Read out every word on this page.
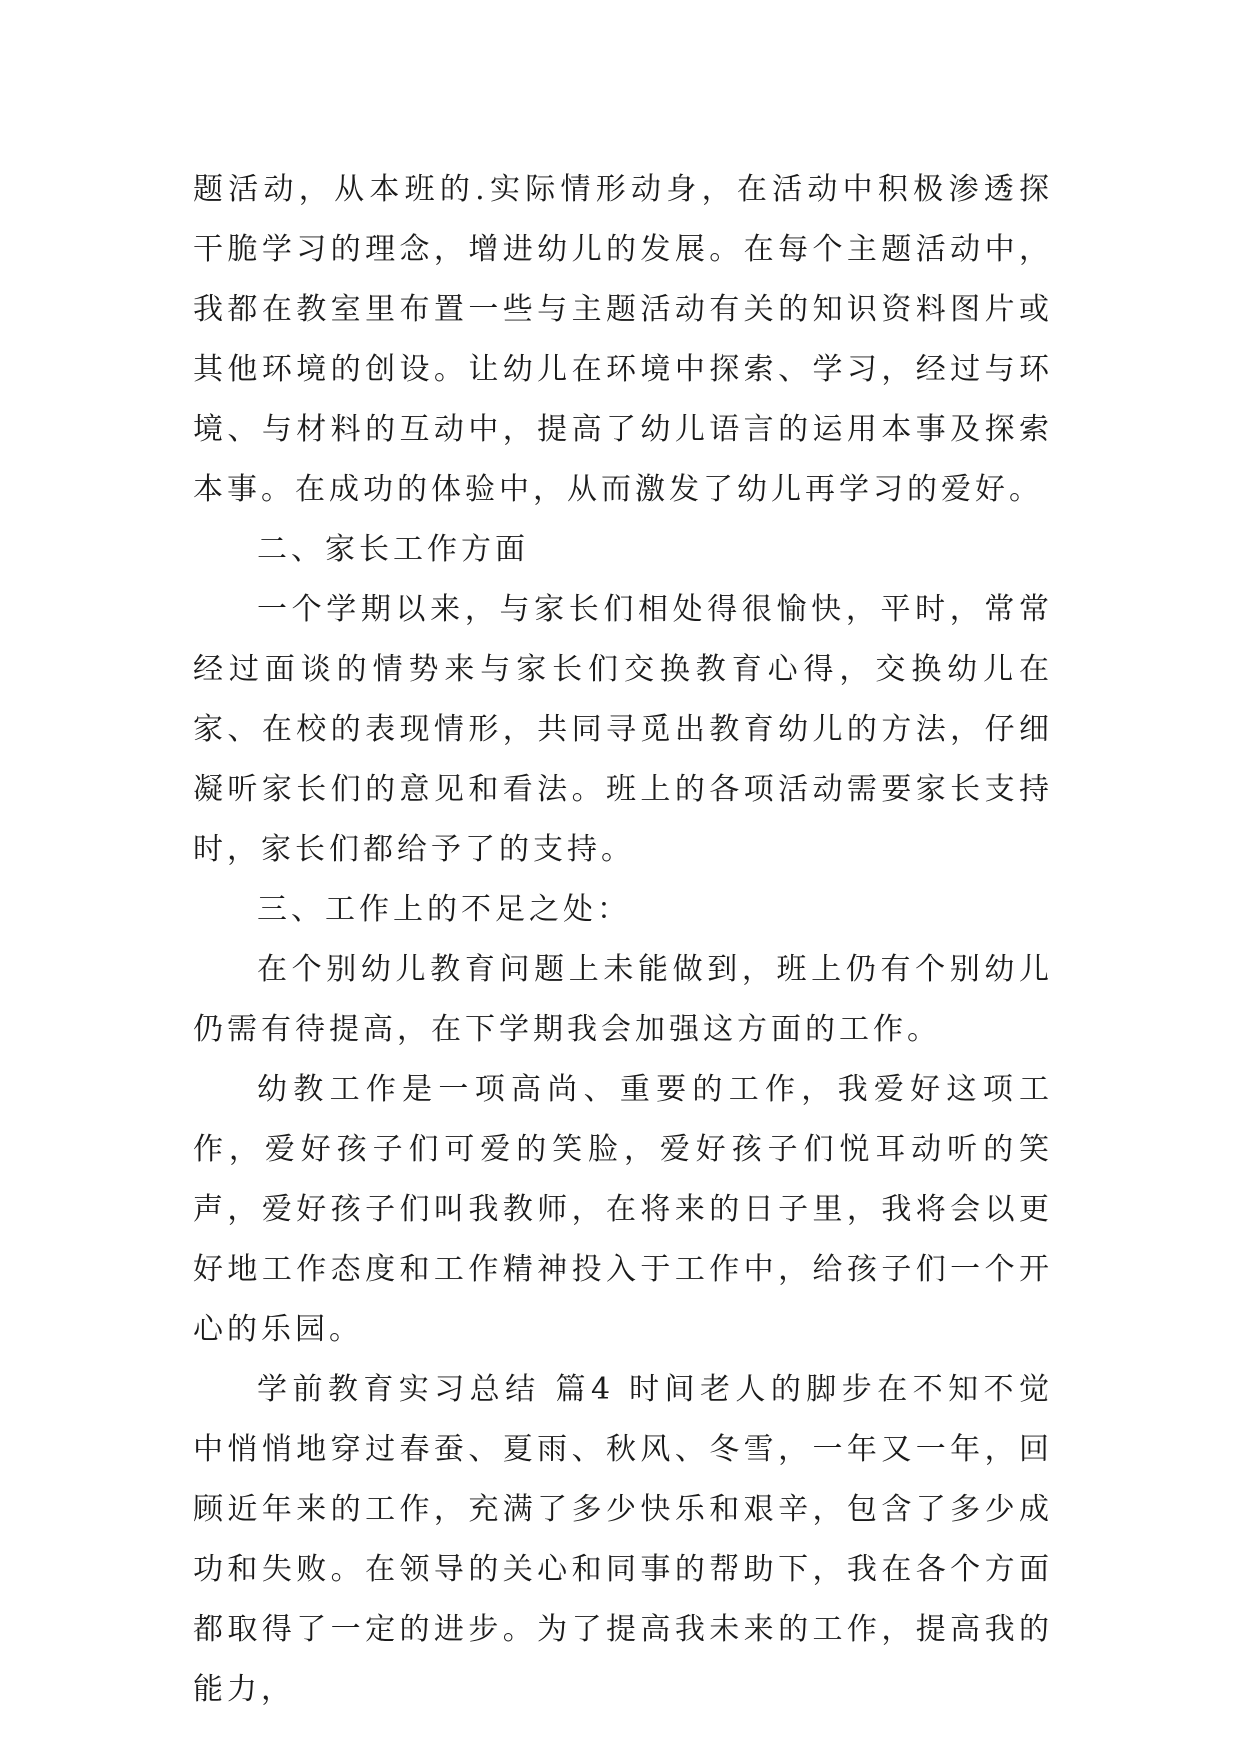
题活动，从本班的.实际情形动身，在活动中积极渗透探干脆学习的理念，增进幼儿的发展。在每个主题活动中，我都在教室里布置一些与主题活动有关的知识资料图片或其他环境的创设。让幼儿在环境中探索、学习，经过与环境、与材料的互动中，提高了幼儿语言的运用本事及探索本事。在成功的体验中，从而激发了幼儿再学习的爱好。

二、家长工作方面

一个学期以来，与家长们相处得很愉快，平时，常常经过面谈的情势来与家长们交换教育心得，交换幼儿在家、在校的表现情形，共同寻觅出教育幼儿的方法，仔细凝听家长们的意见和看法。班上的各项活动需要家长支持时，家长们都给予了的支持。

三、工作上的不足之处：

在个别幼儿教育问题上未能做到，班上仍有个别幼儿仍需有待提高，在下学期我会加强这方面的工作。

幼教工作是一项高尚、重要的工作，我爱好这项工作，爱好孩子们可爱的笑脸，爱好孩子们悦耳动听的笑声，爱好孩子们叫我教师，在将来的日子里，我将会以更好地工作态度和工作精神投入于工作中，给孩子们一个开心的乐园。

学前教育实习总结 篇4 时间老人的脚步在不知不觉中悄悄地穿过春蚕、夏雨、秋风、冬雪，一年又一年，回顾近年来的工作，充满了多少快乐和艰辛，包含了多少成功和失败。在领导的关心和同事的帮助下，我在各个方面都取得了一定的进步。为了提高我未来的工作，提高我的能力，
